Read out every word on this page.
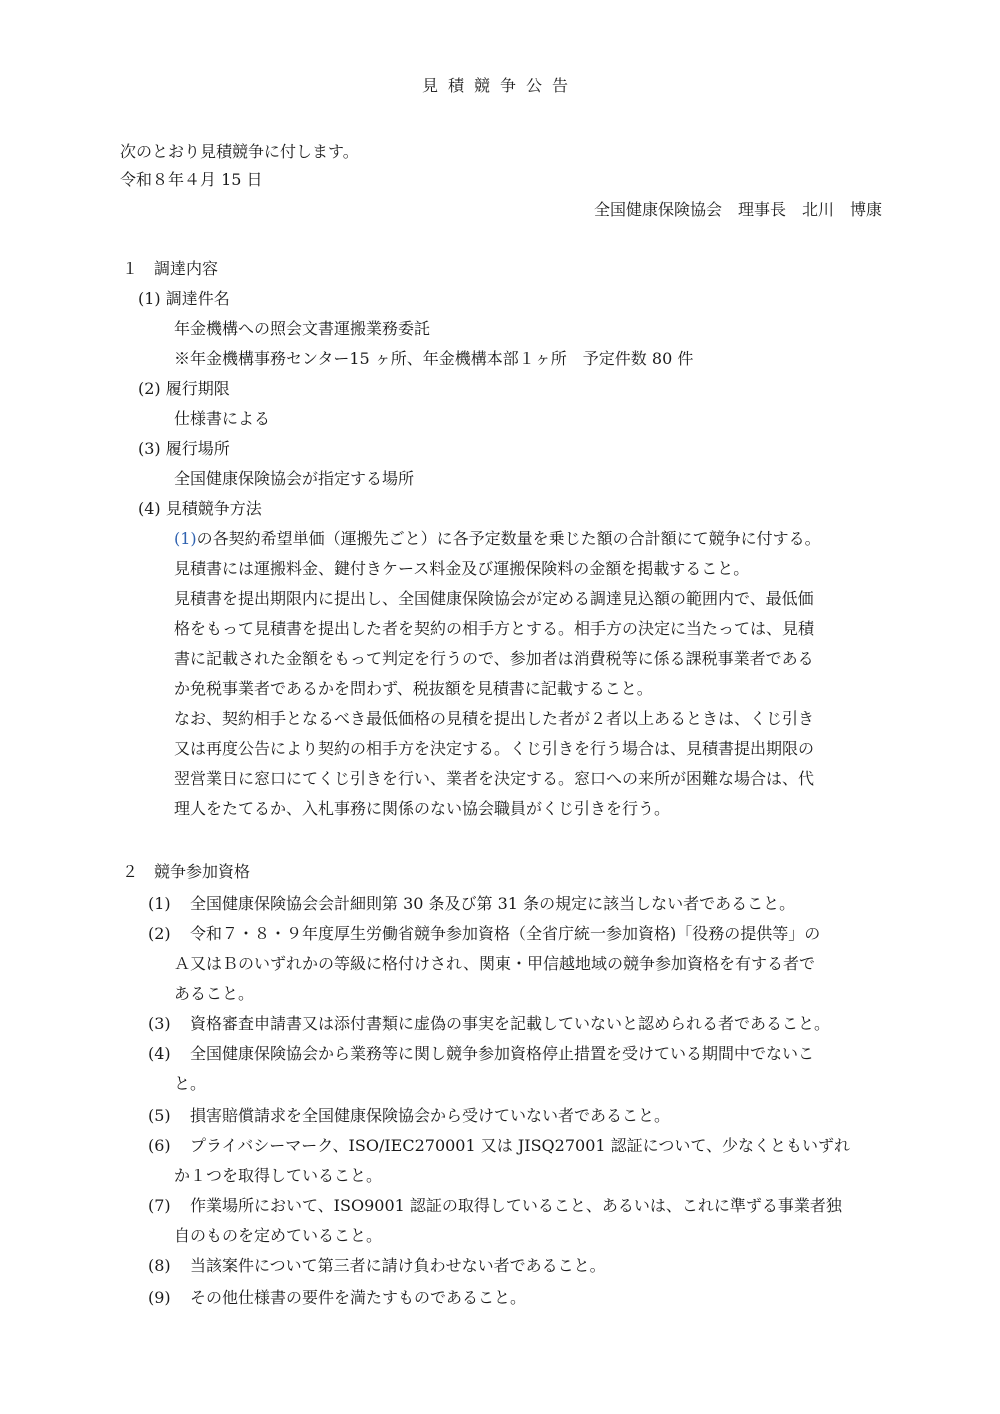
見積競争公告
次のとおり見積競争に付します。
令和８年４月 15 日
全国健康保険協会　理事長　北川　博康
１　調達内容
(1) 調達件名
年金機構への照会文書運搬業務委託
※年金機構事務センター15 ヶ所、年金機構本部１ヶ所　予定件数 80 件
(2) 履行期限
仕様書による
(3) 履行場所
全国健康保険協会が指定する場所
(4) 見積競争方法
(1)の各契約希望単価（運搬先ごと）に各予定数量を乗じた額の合計額にて競争に付する。
見積書には運搬料金、鍵付きケース料金及び運搬保険料の金額を掲載すること。
見積書を提出期限内に提出し、全国健康保険協会が定める調達見込額の範囲内で、最低価
格をもって見積書を提出した者を契約の相手方とする。相手方の決定に当たっては、見積
書に記載された金額をもって判定を行うので、参加者は消費税等に係る課税事業者である
か免税事業者であるかを問わず、税抜額を見積書に記載すること。
なお、契約相手となるべき最低価格の見積を提出した者が２者以上あるときは、くじ引き
又は再度公告により契約の相手方を決定する。くじ引きを行う場合は、見積書提出期限の
翌営業日に窓口にてくじ引きを行い、業者を決定する。窓口への来所が困難な場合は、代
理人をたてるか、入札事務に関係のない協会職員がくじ引きを行う。
２　競争参加資格
(1) 全国健康保険協会会計細則第 30 条及び第 31 条の規定に該当しない者であること。
(2) 令和７・８・９年度厚生労働省競争参加資格（全省庁統一参加資格)「役務の提供等」の
Ａ又はＢのいずれかの等級に格付けされ、関東・甲信越地域の競争参加資格を有する者で
あること。
(3) 資格審査申請書又は添付書類に虚偽の事実を記載していないと認められる者であること。
(4) 全国健康保険協会から業務等に関し競争参加資格停止措置を受けている期間中でないこ
と。
(5) 損害賠償請求を全国健康保険協会から受けていない者であること。
(6) プライバシーマーク、ISO/IEC270001 又は JISQ27001 認証について、少なくともいずれ
か１つを取得していること。
(7) 作業場所において、ISO9001 認証の取得していること、あるいは、これに準ずる事業者独
自のものを定めていること。
(8) 当該案件について第三者に請け負わせない者であること。
(9) その他仕様書の要件を満たすものであること。
